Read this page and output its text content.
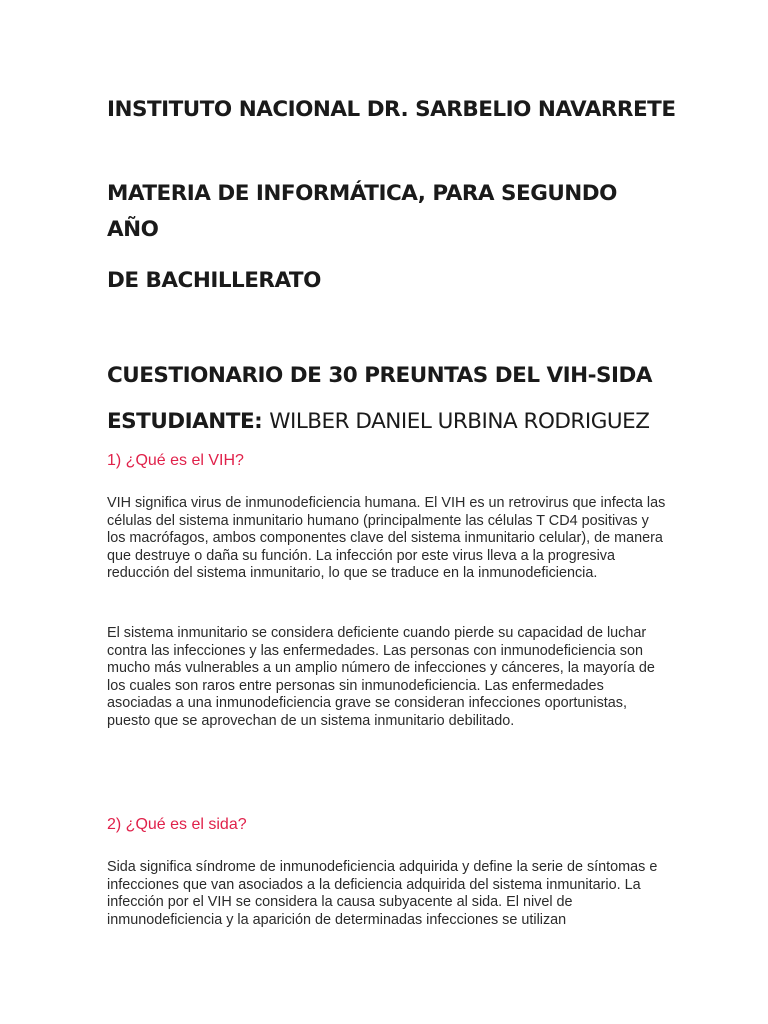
INSTITUTO NACIONAL DR. SARBELIO NAVARRETE
MATERIA DE INFORMÁTICA, PARA SEGUNDO AÑO
DE BACHILLERATO
CUESTIONARIO DE 30 PREUNTAS DEL VIH-SIDA
ESTUDIANTE: WILBER DANIEL URBINA RODRIGUEZ

1) ¿Qué es el VIH?

VIH significa virus de inmunodeficiencia humana. El VIH es un retrovirus que infecta las células del sistema inmunitario humano (principalmente las células T CD4 positivas y los macrófagos, ambos componentes clave del sistema inmunitario celular), de manera que destruye o daña su función. La infección por este virus lleva a la progresiva reducción del sistema inmunitario, lo que se traduce en la inmunodeficiencia.

El sistema inmunitario se considera deficiente cuando pierde su capacidad de luchar contra las infecciones y las enfermedades. Las personas con inmunodeficiencia son mucho más vulnerables a un amplio número de infecciones y cánceres, la mayoría de los cuales son raros entre personas sin inmunodeficiencia. Las enfermedades asociadas a una inmunodeficiencia grave se consideran infecciones oportunistas, puesto que se aprovechan de un sistema inmunitario debilitado.

2) ¿Qué es el sida?

Sida significa síndrome de inmunodeficiencia adquirida y define la serie de síntomas e infecciones que van asociados a la deficiencia adquirida del sistema inmunitario. La infección por el VIH se considera la causa subyacente al sida. El nivel de inmunodeficiencia y la aparición de determinadas infecciones se utilizan
